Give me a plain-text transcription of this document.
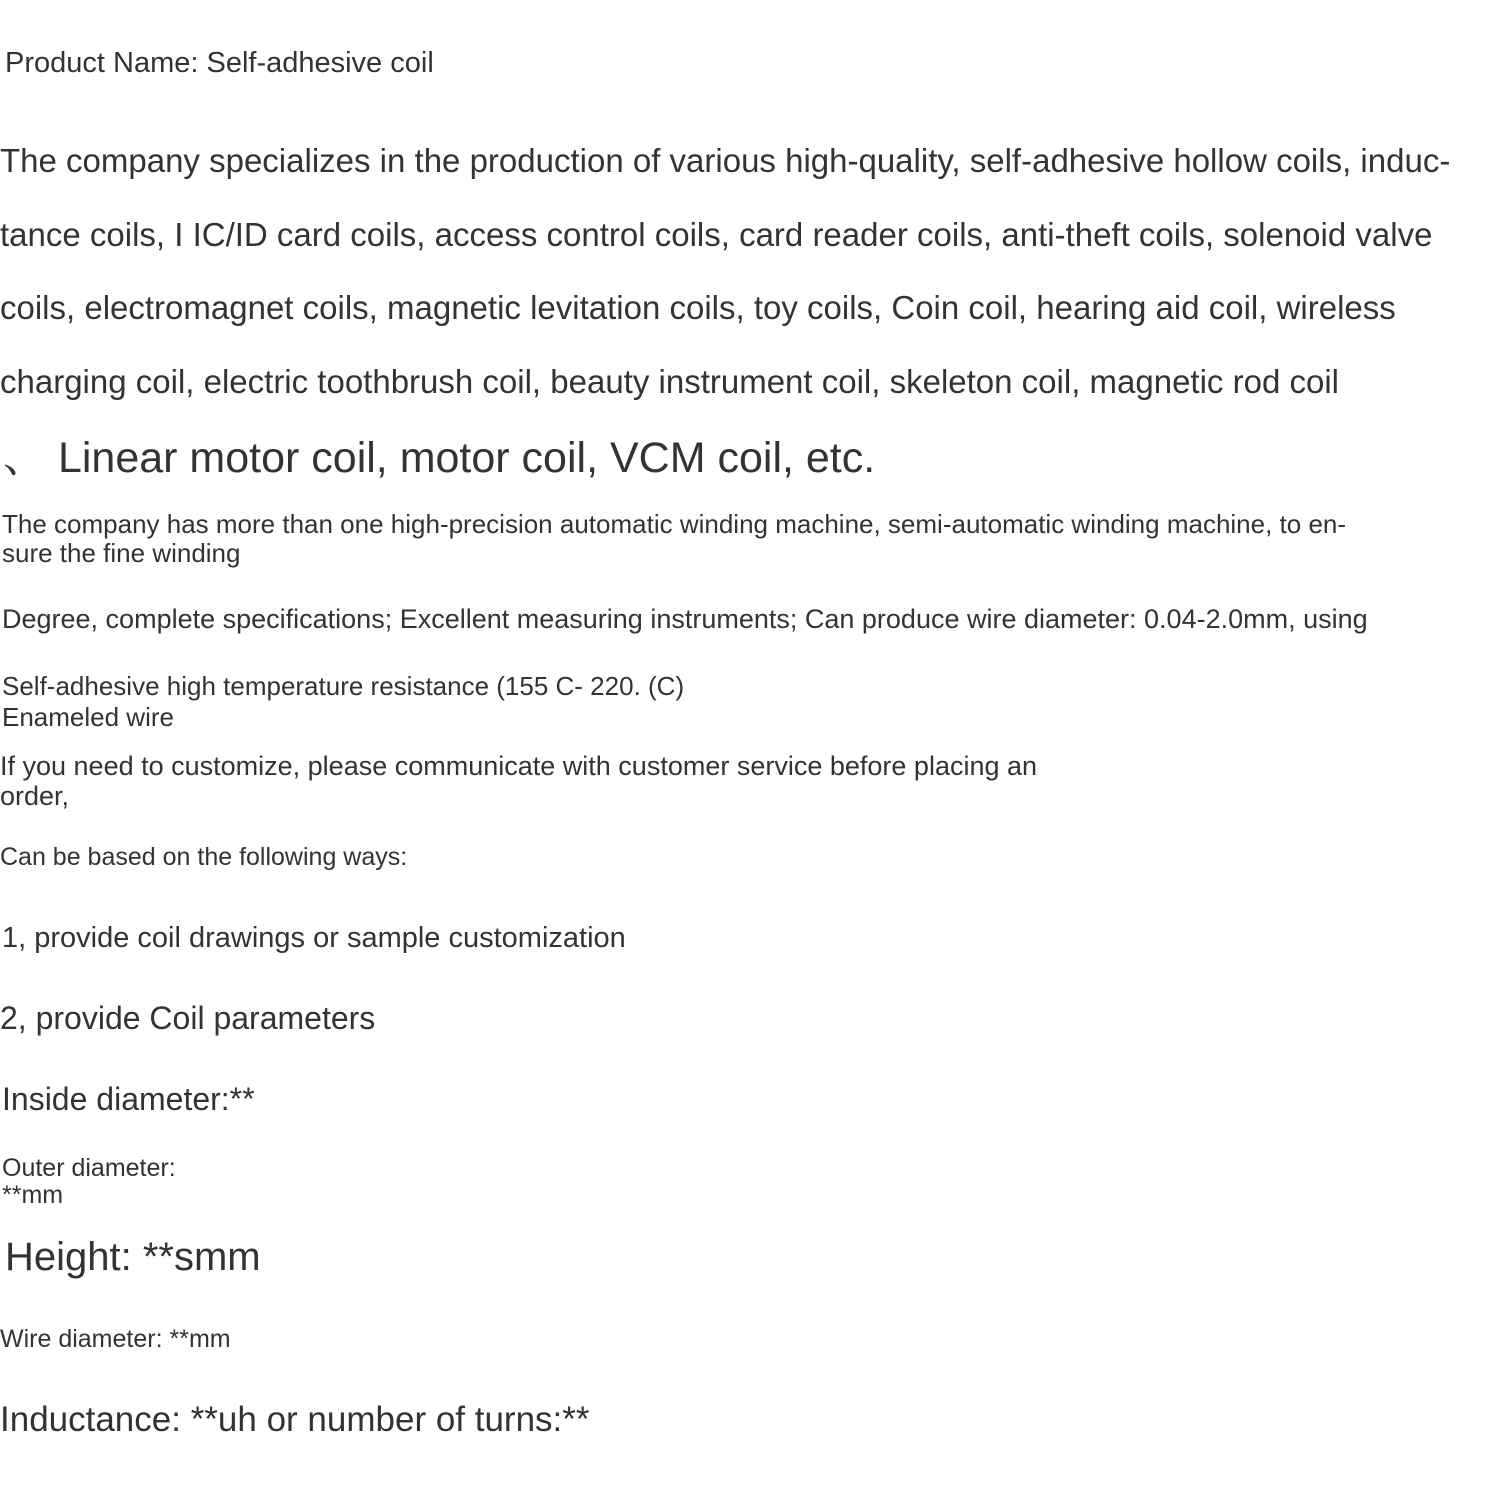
Product Name: Self-adhesive coil

The company specializes in the production of various high-quality, self-adhesive hollow coils, induc-
tance coils, I IC/ID card coils, access control coils, card reader coils, anti-theft coils, solenoid valve
coils, electromagnet coils, magnetic levitation coils, toy coils, Coin coil, hearing aid coil, wireless
charging coil, electric toothbrush coil, beauty instrument coil, skeleton coil, magnetic rod coil

、 Linear motor coil, motor coil, VCM coil, etc.

The company has more than one high-precision automatic winding machine, semi-automatic winding machine, to en-
sure the fine winding

Degree, complete specifications; Excellent measuring instruments; Can produce wire diameter: 0.04-2.0mm, using

Self-adhesive high temperature resistance (155 C- 220. (C)
Enameled wire

If you need to customize, please communicate with customer service before placing an
order,

Can be based on the following ways:

1, provide coil drawings or sample customization

2, provide Coil parameters

Inside diameter:**

Outer diameter:
**mm

Height: **smm

Wire diameter: **mm

Inductance: **uh or number of turns:**
